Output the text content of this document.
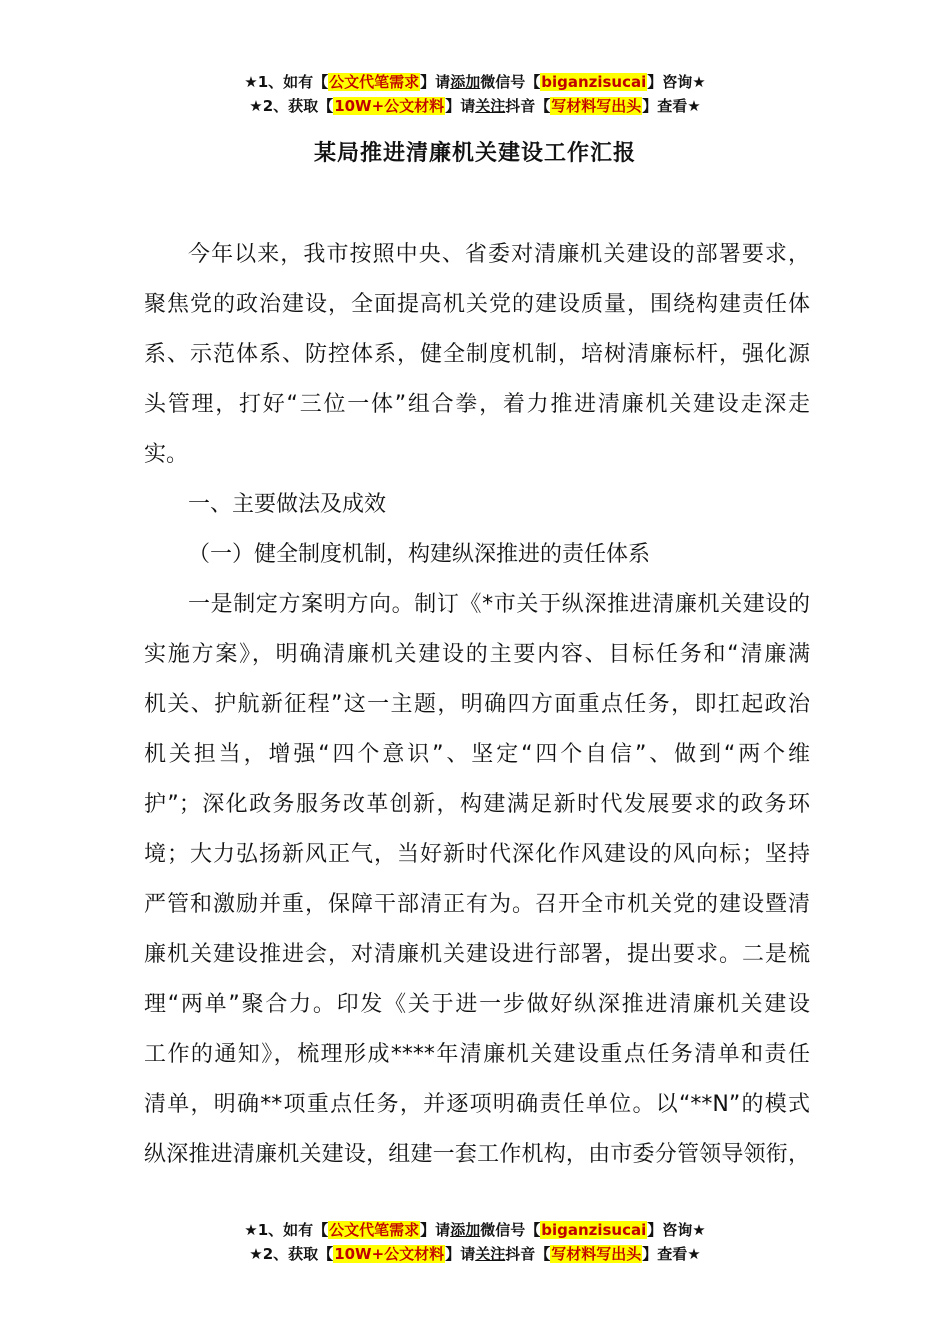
★1、如有【公文代笔需求】请添加微信号【biganzisucai】咨询★
★2、获取【10W+公文材料】请关注抖音【写材料写出头】查看★
某局推进清廉机关建设工作汇报
今年以来，我市按照中央、省委对清廉机关建设的部署要求，
聚焦党的政治建设，全面提高机关党的建设质量，围绕构建责任体
系、示范体系、防控体系，健全制度机制，培树清廉标杆，强化源
头管理，打好“三位一体”组合拳，着力推进清廉机关建设走深走
实。
一、主要做法及成效
（一）健全制度机制，构建纵深推进的责任体系
一是制定方案明方向。制订《*市关于纵深推进清廉机关建设的
实施方案》，明确清廉机关建设的主要内容、目标任务和“清廉满
机关、护航新征程”这一主题，明确四方面重点任务，即扛起政治
机关担当，增强“四个意识”、坚定“四个自信”、做到“两个维
护”；深化政务服务改革创新，构建满足新时代发展要求的政务环
境；大力弘扬新风正气，当好新时代深化作风建设的风向标；坚持
严管和激励并重，保障干部清正有为。召开全市机关党的建设暨清
廉机关建设推进会，对清廉机关建设进行部署，提出要求。二是梳
理“两单”聚合力。印发《关于进一步做好纵深推进清廉机关建设
工作的通知》，梳理形成****年清廉机关建设重点任务清单和责任
清单，明确**项重点任务，并逐项明确责任单位。以“**N”的模式
纵深推进清廉机关建设，组建一套工作机构，由市委分管领导领衔，
★1、如有【公文代笔需求】请添加微信号【biganzisucai】咨询★
★2、获取【10W+公文材料】请关注抖音【写材料写出头】查看★
